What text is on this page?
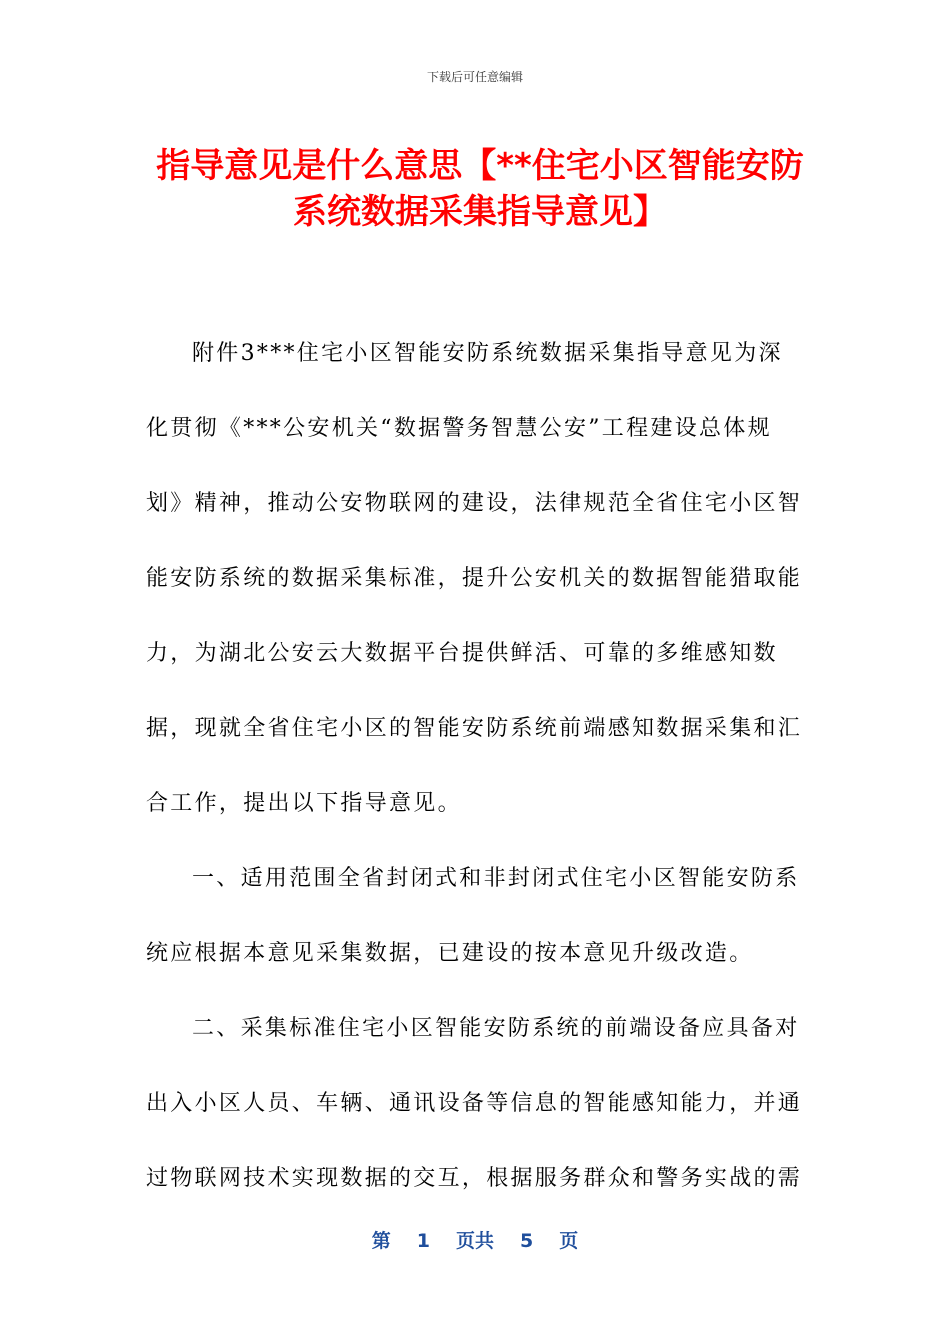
下载后可任意编辑
指导意见是什么意思【**住宅小区智能安防系统数据采集指导意见】

附件3***住宅小区智能安防系统数据采集指导意见为深化贯彻《***公安机关“数据警务智慧公安”工程建设总体规划》精神，推动公安物联网的建设，法律规范全省住宅小区智能安防系统的数据采集标准，提升公安机关的数据智能猎取能力，为湖北公安云大数据平台提供鲜活、可靠的多维感知数据，现就全省住宅小区的智能安防系统前端感知数据采集和汇合工作，提出以下指导意见。

一、适用范围全省封闭式和非封闭式住宅小区智能安防系统应根据本意见采集数据，已建设的按本意见升级改造。

二、采集标准住宅小区智能安防系统的前端设备应具备对出入小区人员、车辆、通讯设备等信息的智能感知能力，并通过物联网技术实现数据的交互，根据服务群众和警务实战的需

第 1 页共 5 页
